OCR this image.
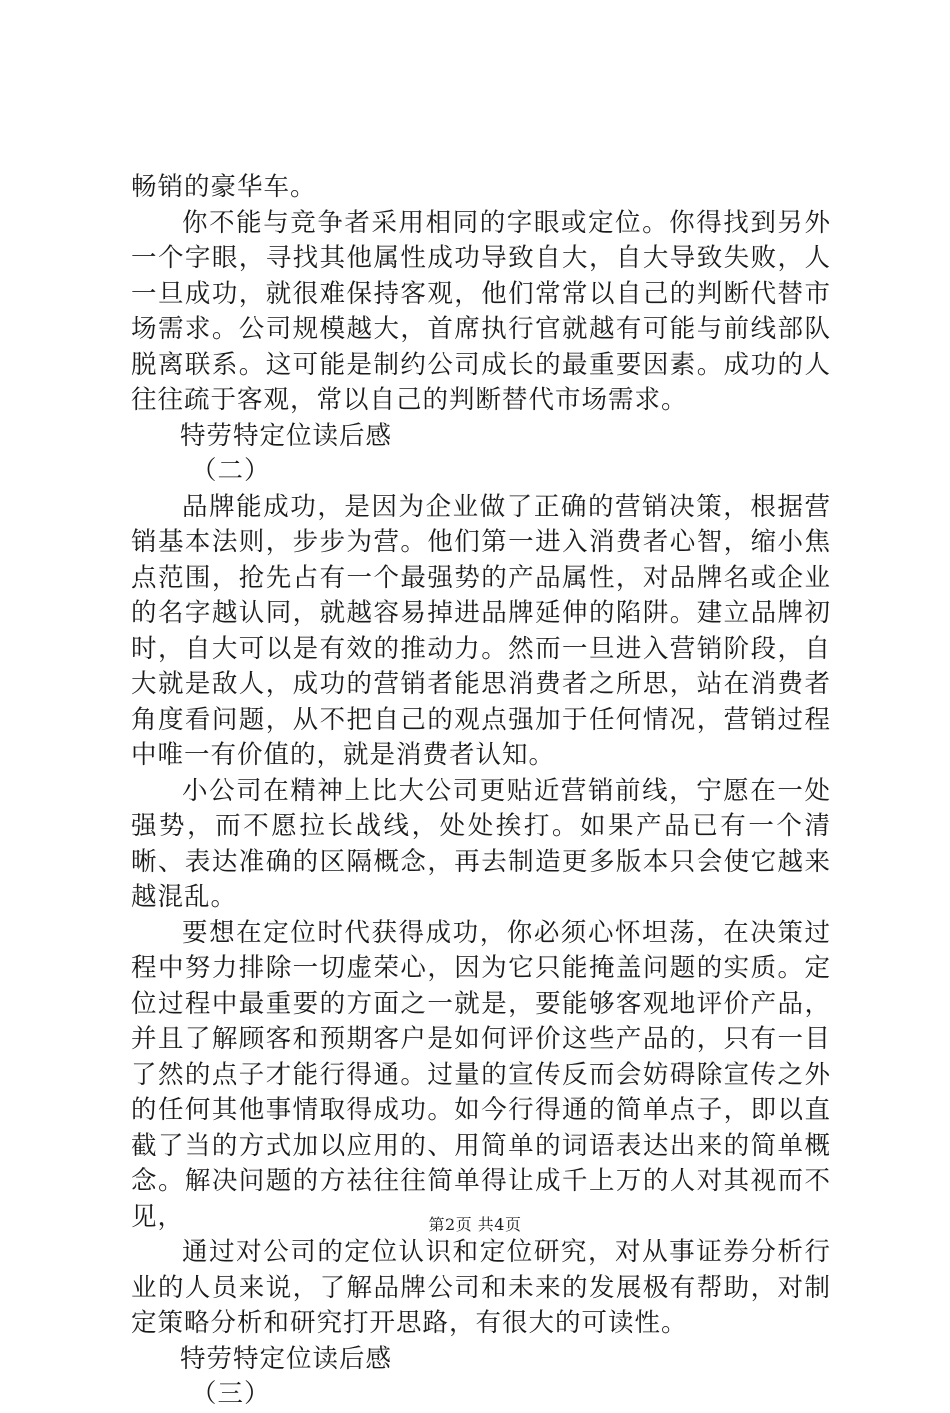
畅销的豪华车。

你不能与竞争者采用相同的字眼或定位。你得找到另外一个字眼，寻找其他属性成功导致自大，自大导致失败，人一旦成功，就很难保持客观，他们常常以自己的判断代替市场需求。公司规模越大，首席执行官就越有可能与前线部队脱离联系。这可能是制约公司成长的最重要因素。成功的人往往疏于客观，常以自己的判断替代市场需求。

特劳特定位读后感

（二）

品牌能成功，是因为企业做了正确的营销决策，根据营销基本法则，步步为营。他们第一进入消费者心智，缩小焦点范围，抢先占有一个最强势的产品属性，对品牌名或企业的名字越认同，就越容易掉进品牌延伸的陷阱。建立品牌初时，自大可以是有效的推动力。然而一旦进入营销阶段，自大就是敌人，成功的营销者能思消费者之所思，站在消费者角度看问题，从不把自己的观点强加于任何情况，营销过程中唯一有价值的，就是消费者认知。

小公司在精神上比大公司更贴近营销前线，宁愿在一处强势，而不愿拉长战线，处处挨打。如果产品已有一个清晰、表达准确的区隔概念，再去制造更多版本只会使它越来越混乱。

要想在定位时代获得成功，你必须心怀坦荡，在决策过程中努力排除一切虚荣心，因为它只能掩盖问题的实质。定位过程中最重要的方面之一就是，要能够客观地评价产品，并且了解顾客和预期客户是如何评价这些产品的，只有一目了然的点子才能行得通。过量的宣传反而会妨碍除宣传之外的任何其他事情取得成功。如今行得通的简单点子，即以直截了当的方式加以应用的、用简单的词语表达出来的简单概念。解决问题的方祛往往简单得让成千上万的人对其视而不见，

通过对公司的定位认识和定位研究，对从事证券分析行业的人员来说，了解品牌公司和未来的发展极有帮助，对制定策略分析和研究打开思路，有很大的可读性。

特劳特定位读后感

（三）

第2页 共4页
